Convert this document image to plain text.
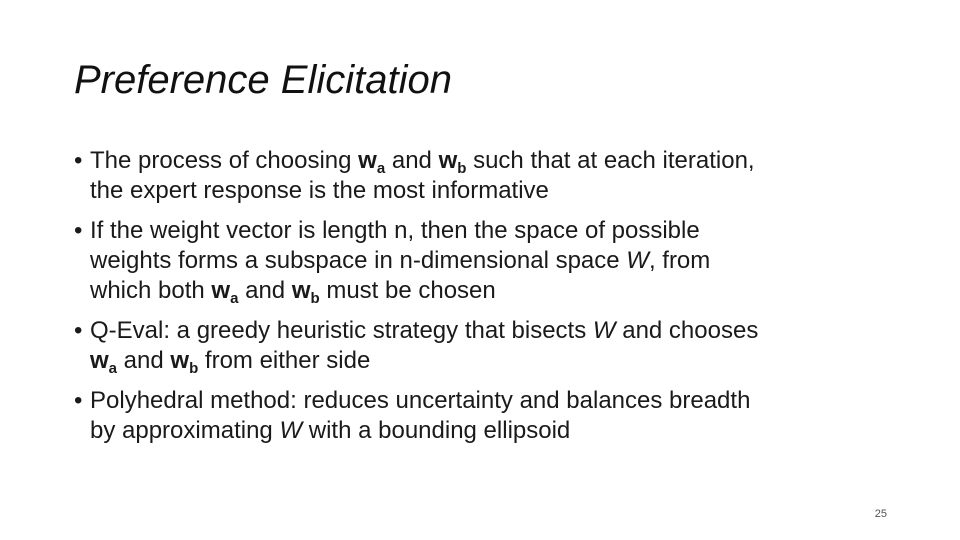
Preference Elicitation
• The process of choosing $w_a$ and $w_b$ such that at each iteration,
the expert response is the most informative
• If the weight vector is length n, then the space of possible
weights forms a subspace in n-dimensional space W, from
which both $w_a$ and $w_b$ must be chosen
• Q-Eval: a greedy heuristic strategy that bisects W and chooses
$w_a$ and $w_b$ from either side
• Polyhedral method: reduces uncertainty and balances breadth
by approximating W with a bounding ellipsoid
25
